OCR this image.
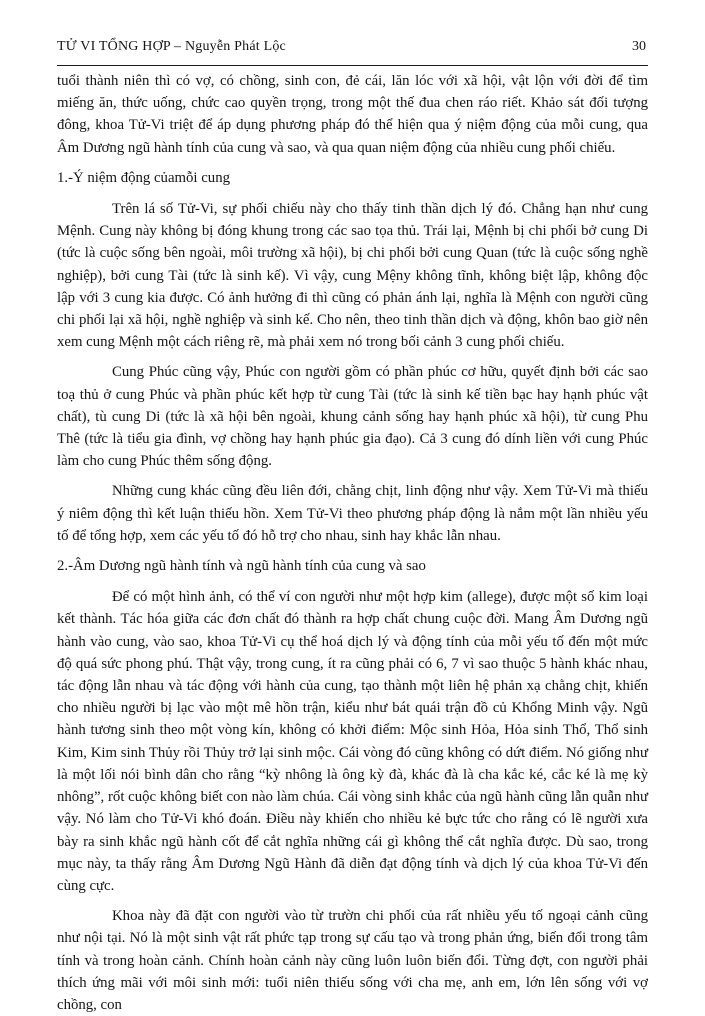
TỬ VI TỔNG HỢP – Nguyễn Phát Lộc	30

tuổi thành niên thì có vợ, có chồng, sinh con, đẻ cái, lăn lóc với xã hội, vật lộn với đời để tìm miếng ăn, thức uống, chức cao quyền trọng, trong một thế đua chen ráo riết. Khảo sát đối tượng đông, khoa Tử-Vi triệt để áp dụng phương pháp đó thể hiện qua ý niệm động của mỗi cung, qua Âm Dương ngũ hành tính của cung và sao, và qua quan niệm động của nhiều cung phối chiếu.

1.-Ý niệm động củamỗi cung

Trên lá số Tử-Vi, sự phối chiếu này cho thấy tinh thần dịch lý đó. Chẳng hạn như cung Mệnh. Cung này không bị đóng khung trong các sao tọa thủ. Trái lại, Mệnh bị chi phối bở cung Di (tức là cuộc sống bên ngoài, môi trường xã hội), bị chi phối bởi cung Quan (tức là cuộc sống nghề nghiệp), bởi cung Tài (tức là sinh kế). Vì vậy, cung Mệny không tĩnh, không biệt lập, không độc lập với 3 cung kia được. Có ảnh hưởng đi thì cũng có phản ánh lại, nghĩa là Mệnh con người cũng chi phối lại xã hội, nghề nghiệp và sinh kế. Cho nên, theo tinh thần dịch và động, khôn bao giờ nên xem cung Mệnh một cách riêng rẽ, mà phải xem nó trong bối cảnh 3 cung phối chiếu.

Cung Phúc cũng vậy, Phúc con người gồm có phần phúc cơ hữu, quyết định bởi các sao toạ thủ ở cung Phúc và phần phúc kết hợp từ cung Tài (tức là sinh kế tiền bạc hay hạnh phúc vật chất), tù cung Di (tức là xã hội bên ngoài, khung cảnh sống hay hạnh phúc xã hội), từ cung Phu Thê (tức là tiểu gia đình, vợ chồng hay hạnh phúc gia đạo). Cả 3 cung đó dính liền với cung Phúc làm cho cung Phúc thêm sống động.

Những cung khác cũng đều liên đới, chằng chịt, linh động như vậy. Xem Tử-Vi mà thiếu ý niêm động thì kết luận thiếu hồn. Xem Tử-Vi theo phương pháp động là nắm một lần nhiều yếu tố để tổng hợp, xem các yếu tố đó hỗ trợ cho nhau, sinh hay khắc lẫn nhau.

2.-Âm Dương ngũ hành tính và ngũ hành tính của cung và sao

Để có một hình ảnh, có thể ví con người như một hợp kim (allege), được một số kim loại kết thành. Tác hóa giữa các đơn chất đó thành ra hợp chất chung cuộc đời. Mang Âm Dương ngũ hành vào cung, vào sao, khoa Tử-Vi cụ thể hoá dịch lý và động tính của mỗi yếu tố đến một mức độ quá sức phong phú. Thật vậy, trong cung, ít ra cũng phải có 6, 7 vì sao thuộc 5 hành khác nhau, tác động lẫn nhau và tác động với hành của cung, tạo thành một liên hệ phản xạ chằng chịt, khiến cho nhiều người bị lạc vào một mê hồn trận, kiểu như bát quái trận đồ củ Khổng Minh vậy. Ngũ hành tương sinh theo một vòng kín, không có khởi điểm: Mộc sinh Hỏa, Hỏa sinh Thổ, Thổ sinh Kim, Kim sinh Thủy rồi Thủy trở lại sinh mộc. Cái vòng đó cũng không có dứt điểm. Nó giống như là một lối nói bình dân cho rằng “kỳ nhông là ông kỳ đà, khác đà là cha kắc ké, cắc ké là mẹ kỳ nhông”, rốt cuộc không biết con nào làm chúa. Cái vòng sinh khắc của ngũ hành cũng lẫn quẫn như vậy. Nó làm cho Tử-Vi khó đoán. Điều này khiến cho nhiều kẻ bực tức cho rằng có lẽ người xưa bày ra sinh khắc ngũ hành cốt để cắt nghĩa những cái gì không thể cắt nghĩa được. Dù sao, trong mục này, ta thấy rằng Âm Dương Ngũ Hành đã diễn đạt động tính và dịch lý của khoa Tử-Vi đến cùng cực.

Khoa này đã đặt con người vào từ trườn chi phối của rất nhiều yếu tố ngoại cảnh cũng như nội tại. Nó là một sinh vật rất phức tạp trong sự cấu tạo và trong phản ứng, biến đổi trong tâm tính và trong hoàn cảnh. Chính hoàn cảnh này cũng luôn luôn biến đổi. Từng đợt, con người phải thích ứng mãi với môi sinh mới: tuổi niên thiếu sống với cha mẹ, anh em, lớn lên sống với vợ chồng, con
